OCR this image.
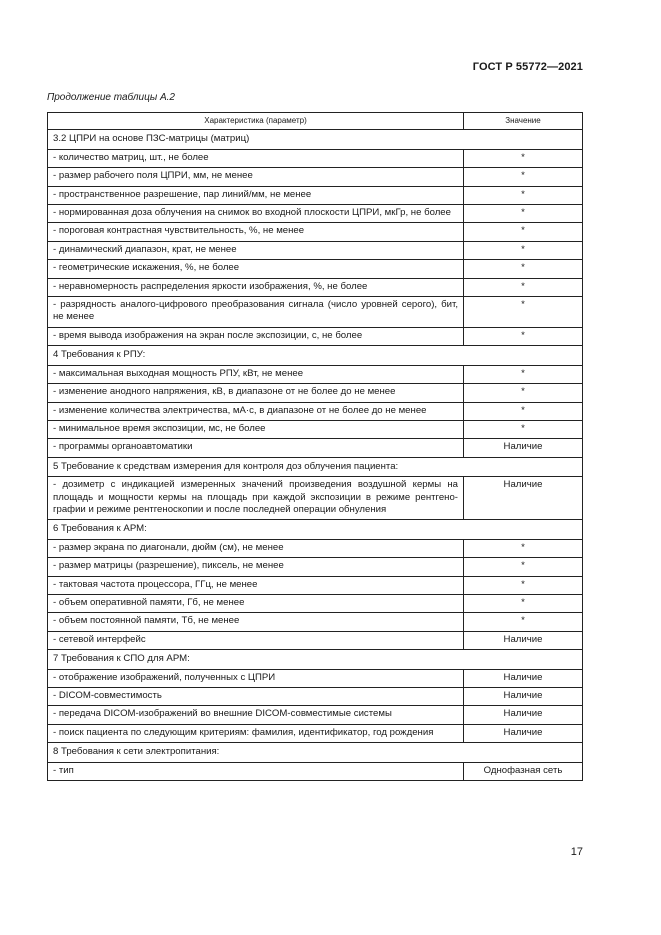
ГОСТ Р 55772—2021
Продолжение таблицы А.2
Характеристика (параметр)	Значение
3.2 ЦПРИ на основе ПЗС-матрицы (матриц)	
- количество матриц, шт., не более	*
- размер рабочего поля ЦПРИ, мм, не менее	*
- пространственное разрешение, пар линий/мм, не менее	*
- нормированная доза облучения на снимок во входной плоскости ЦПРИ, мкГр, не более	*
- пороговая контрастная чувствительность, %, не менее	*
- динамический диапазон, крат, не менее	*
- геометрические искажения, %, не более	*
- неравномерность распределения яркости изображения, %, не более	*
- разрядность аналого-цифрового преобразования сигнала (число уровней серого), бит, не менее	*
- время вывода изображения на экран после экспозиции, с, не более	*
4 Требования к РПУ:	
- максимальная выходная мощность РПУ, кВт, не менее	*
- изменение анодного напряжения, кВ, в диапазоне от не более до не менее	*
- изменение количества электричества, мА·с, в диапазоне от не более до не менее	*
- минимальное время экспозиции, мс, не более	*
- программы органоавтоматики	Наличие
5 Требование к средствам измерения для контроля доз облучения пациента:	
- дозиметр с индикацией измеренных значений произведения воздушной кермы на площадь и мощности кермы на площадь при каждой экспозиции в режиме рентгенографии и режиме рентгеноскопии и после последней операции обнуления	Наличие
6 Требования к АРМ:	
- размер экрана по диагонали, дюйм (см), не менее	*
- размер матрицы (разрешение), пиксель, не менее	*
- тактовая частота процессора, ГГц, не менее	*
- объем оперативной памяти, Гб, не менее	*
- объем постоянной памяти, Тб, не менее	*
- сетевой интерфейс	Наличие
7 Требования к СПО для АРМ:	
- отображение изображений, полученных с ЦПРИ	Наличие
- DICOM-совместимость	Наличие
- передача DICOM-изображений во внешние DICOM-совместимые системы	Наличие
- поиск пациента по следующим критериям: фамилия, идентификатор, год рождения	Наличие
8 Требования к сети электропитания:	
- тип	Однофазная сеть
17
